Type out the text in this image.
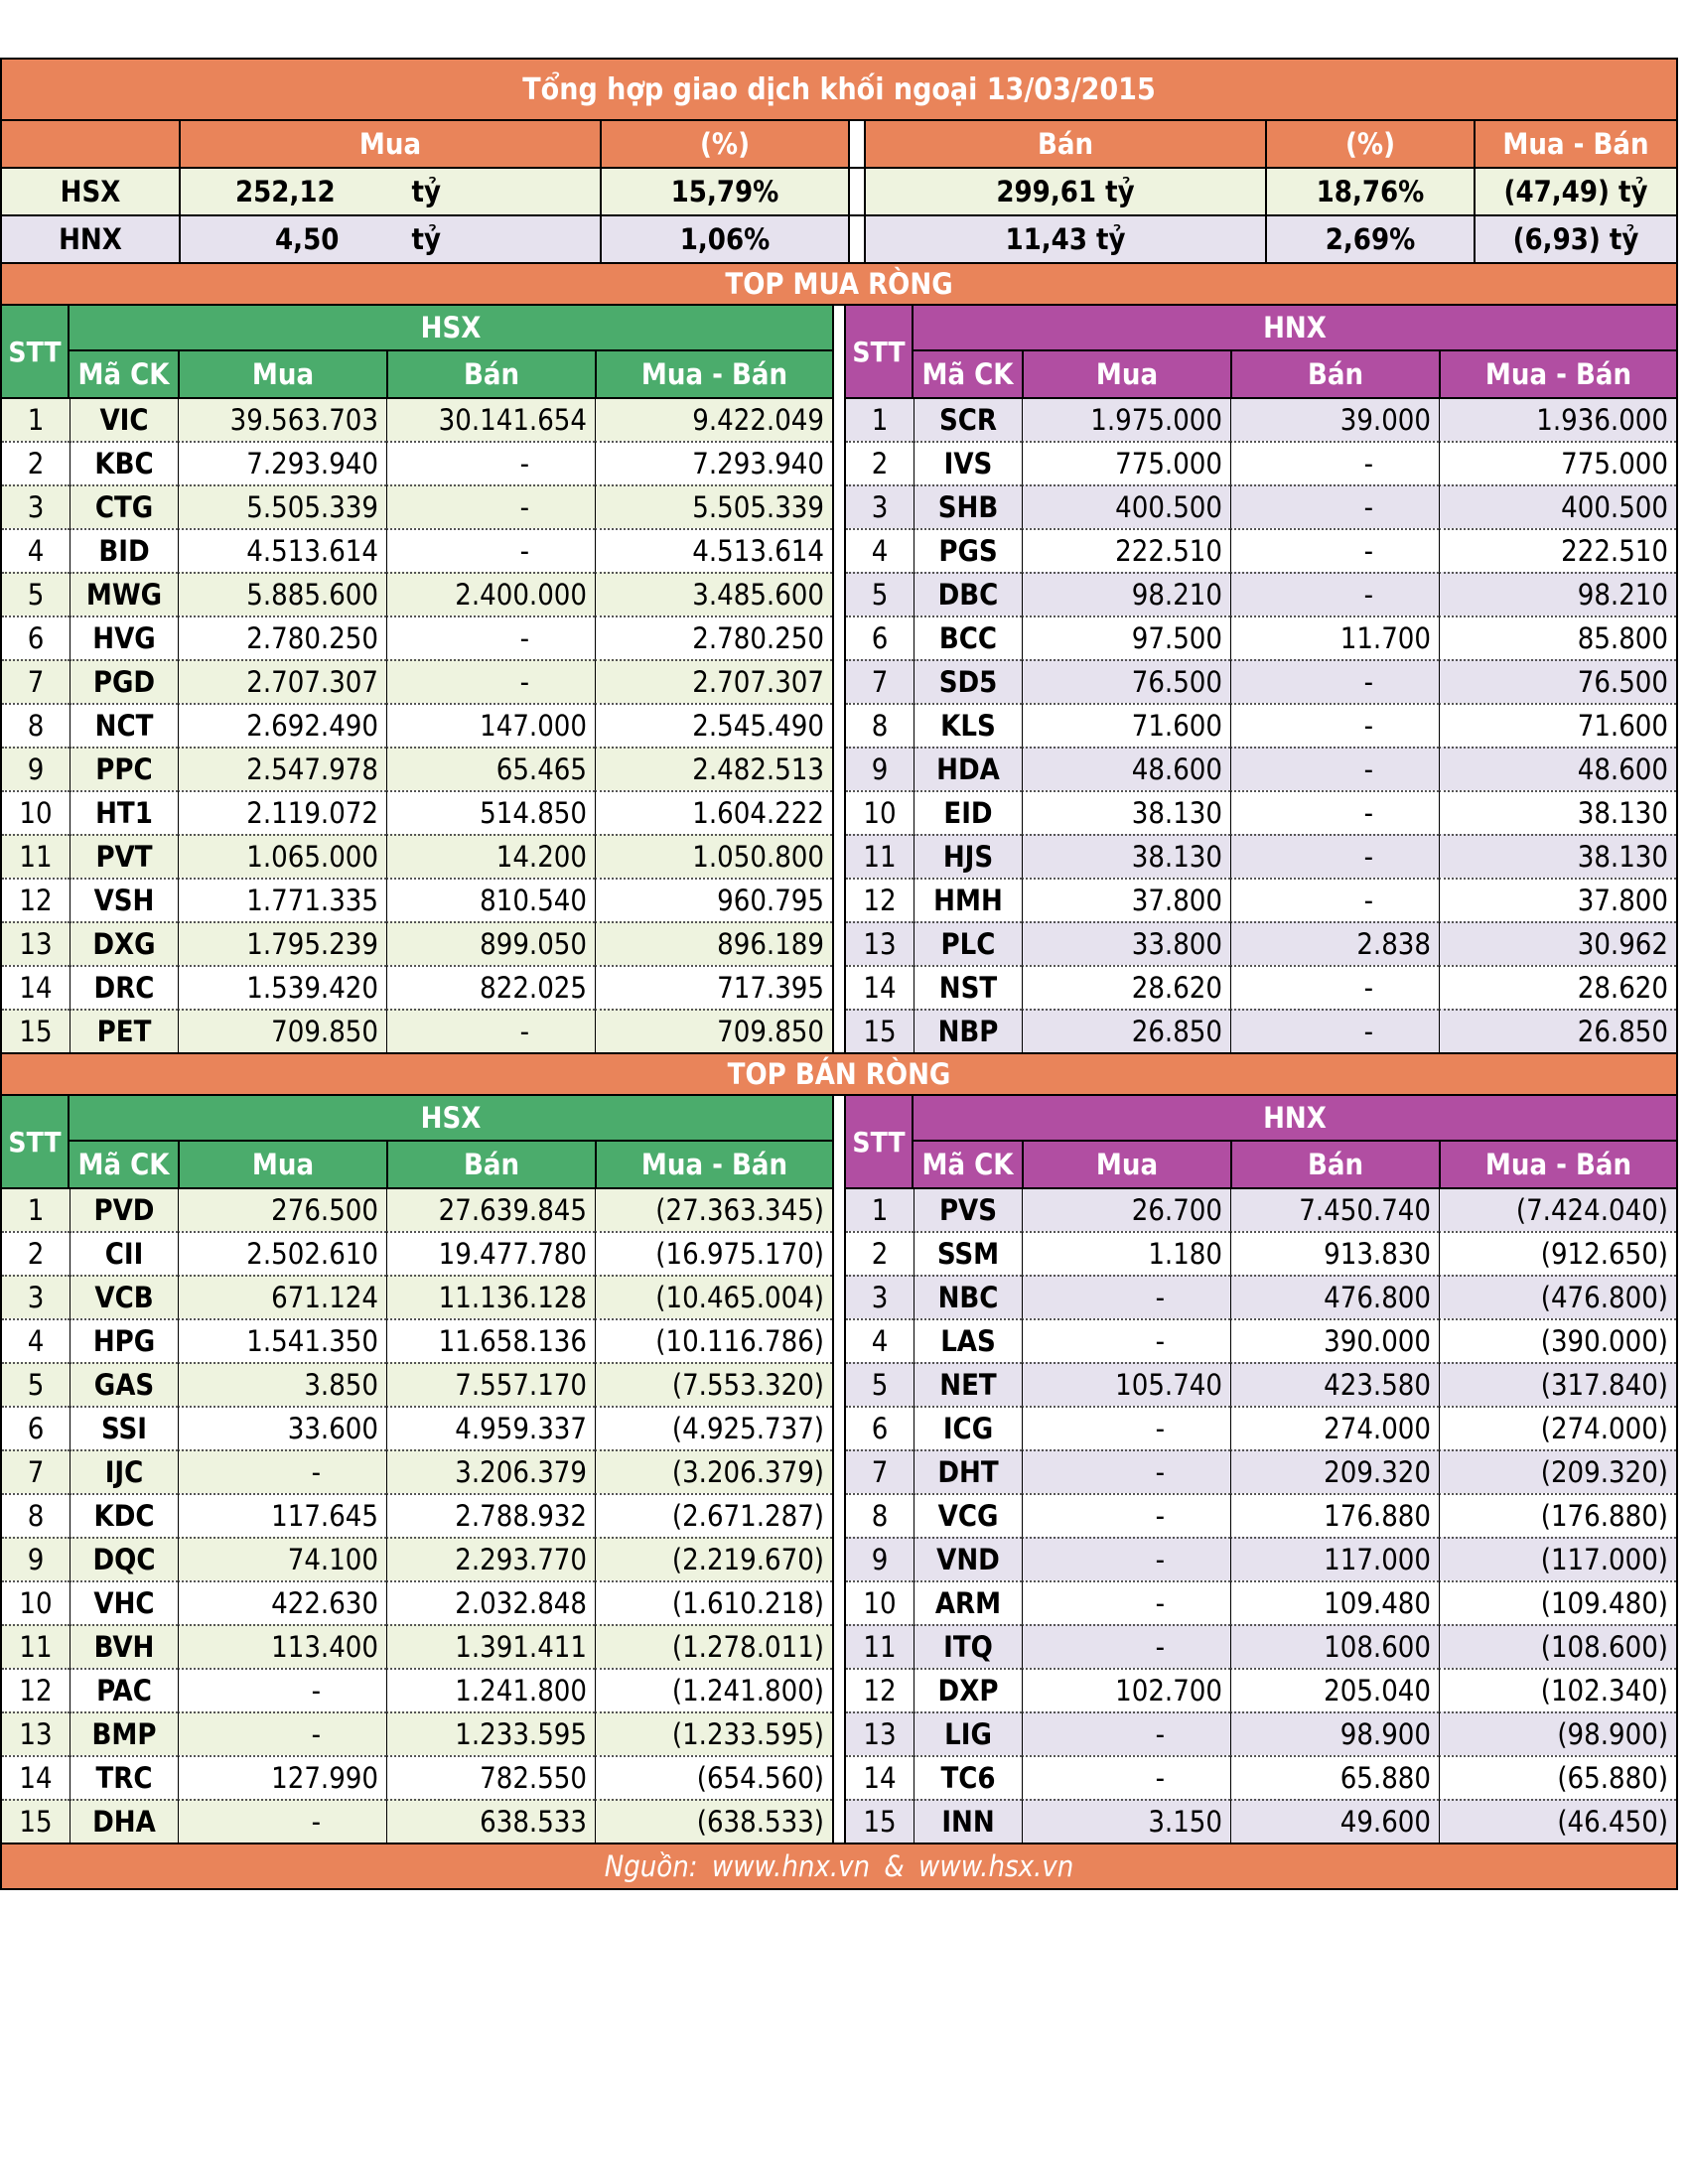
Tổng hợp giao dịch khối ngoại 13/03/2015
Mua	(%)	Bán	(%)	Mua - Bán
HSX	252,12	tỷ	15,79%	299,61 tỷ	18,76%	(47,49) tỷ
HNX	4,50	tỷ	1,06%	11,43 tỷ	2,69%	(6,93) tỷ
TOP MUA RÒNG
STT
HSX
Mã CK	Mua	Bán	Mua - Bán
1	VIC	39.563.703	30.141.654	9.422.049
2	KBC	7.293.940	-	7.293.940
3	CTG	5.505.339	-	5.505.339
4	BID	4.513.614	-	4.513.614
5	MWG	5.885.600	2.400.000	3.485.600
6	HVG	2.780.250	-	2.780.250
7	PGD	2.707.307	-	2.707.307
8	NCT	2.692.490	147.000	2.545.490
9	PPC	2.547.978	65.465	2.482.513
10	HT1	2.119.072	514.850	1.604.222
11	PVT	1.065.000	14.200	1.050.800
12	VSH	1.771.335	810.540	960.795
13	DXG	1.795.239	899.050	896.189
14	DRC	1.539.420	822.025	717.395
15	PET	709.850	-	709.850
STT
HNX
Mã CK	Mua	Bán	Mua - Bán
1	SCR	1.975.000	39.000	1.936.000
2	IVS	775.000	-	775.000
3	SHB	400.500	-	400.500
4	PGS	222.510	-	222.510
5	DBC	98.210	-	98.210
6	BCC	97.500	11.700	85.800
7	SD5	76.500	-	76.500
8	KLS	71.600	-	71.600
9	HDA	48.600	-	48.600
10	EID	38.130	-	38.130
11	HJS	38.130	-	38.130
12	HMH	37.800	-	37.800
13	PLC	33.800	2.838	30.962
14	NST	28.620	-	28.620
15	NBP	26.850	-	26.850
TOP BÁN RÒNG
STT
HSX
Mã CK	Mua	Bán	Mua - Bán
1	PVD	276.500	27.639.845	(27.363.345)
2	CII	2.502.610	19.477.780	(16.975.170)
3	VCB	671.124	11.136.128	(10.465.004)
4	HPG	1.541.350	11.658.136	(10.116.786)
5	GAS	3.850	7.557.170	(7.553.320)
6	SSI	33.600	4.959.337	(4.925.737)
7	IJC	-	3.206.379	(3.206.379)
8	KDC	117.645	2.788.932	(2.671.287)
9	DQC	74.100	2.293.770	(2.219.670)
10	VHC	422.630	2.032.848	(1.610.218)
11	BVH	113.400	1.391.411	(1.278.011)
12	PAC	-	1.241.800	(1.241.800)
13	BMP	-	1.233.595	(1.233.595)
14	TRC	127.990	782.550	(654.560)
15	DHA	-	638.533	(638.533)
STT
HNX
Mã CK	Mua	Bán	Mua - Bán
1	PVS	26.700	7.450.740	(7.424.040)
2	SSM	1.180	913.830	(912.650)
3	NBC	-	476.800	(476.800)
4	LAS	-	390.000	(390.000)
5	NET	105.740	423.580	(317.840)
6	ICG	-	274.000	(274.000)
7	DHT	-	209.320	(209.320)
8	VCG	-	176.880	(176.880)
9	VND	-	117.000	(117.000)
10	ARM	-	109.480	(109.480)
11	ITQ	-	108.600	(108.600)
12	DXP	102.700	205.040	(102.340)
13	LIG	-	98.900	(98.900)
14	TC6	-	65.880	(65.880)
15	INN	3.150	49.600	(46.450)
Nguồn: www.hnx.vn & www.hsx.vn
